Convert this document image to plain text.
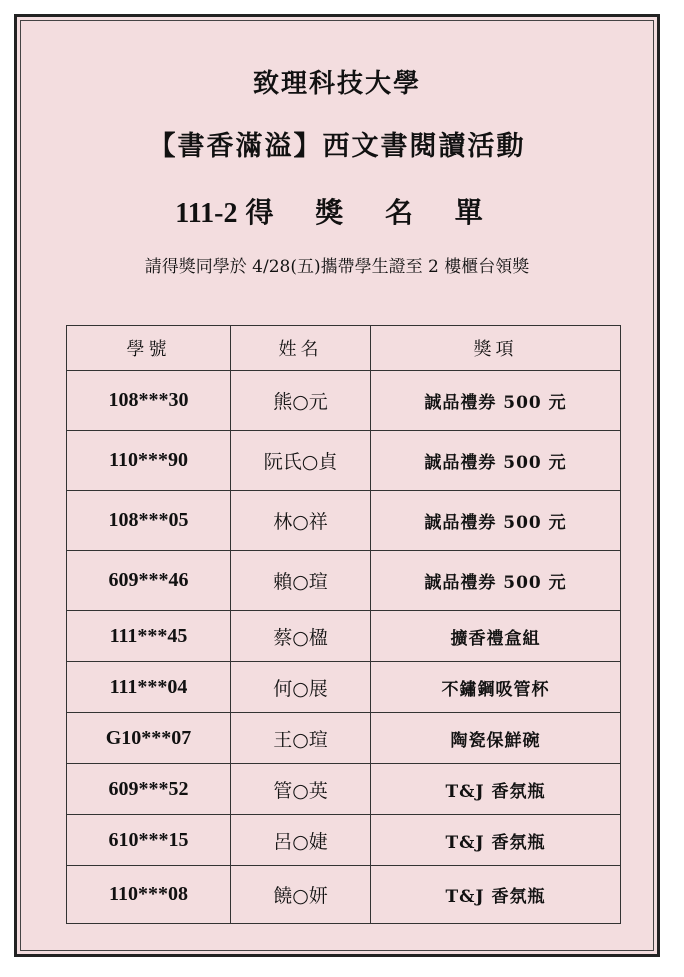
致理科技大學
【書香滿溢】西文書閱讀活動
111-2 得 獎 名 單
請得獎同學於 4/28(五)攜帶學生證至 2 樓櫃台領獎
學號	姓名	獎項
108***30	熊○元	誠品禮券 500 元
110***90	阮氏○貞	誠品禮券 500 元
108***05	林○祥	誠品禮券 500 元
609***46	賴○瑄	誠品禮券 500 元
111***45	蔡○楹	擴香禮盒組
111***04	何○展	不鏽鋼吸管杯
G10***07	王○瑄	陶瓷保鮮碗
609***52	管○英	T&J 香氛瓶
610***15	呂○婕	T&J 香氛瓶
110***08	饒○妍	T&J 香氛瓶
